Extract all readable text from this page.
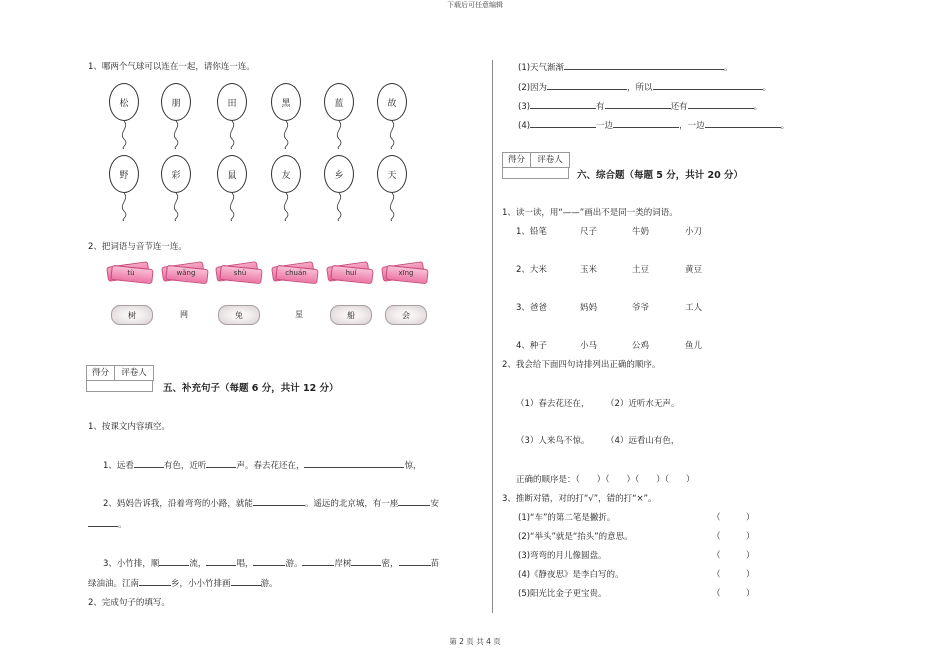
下载后可任意编辑
第 2 页 共 4 页
1、哪两个气球可以连在一起，请你连一连。
松	朋	田	黑	蓝	故
野	彩	鼠	友	乡	天
2、把词语与音节连一连。
tù	wǎng	shù	chuán	huí	xīng
树	网	兔	星	船	会
得分	评卷人
五、补充句子（每题 6 分，共计 12 分）
1、按课文内容填空。
1、远看	有色，近听	声。春去花还在，	惊，
2、妈妈告诉我，沿着弯弯的小路，就能	。遥远的北京城，有一座	安
。
3、小竹排，顺	流，	唱，	游。	岸树	密，	苗
绿油油。江南	乡，小小竹排画	游。
2、完成句子的填写。
(1)天气渐渐	。
(2)因为	，所以	。
(3)	有	还有	。
(4)	一边	，一边	。
得分	评卷人
六、综合题（每题 5 分，共计 20 分）
1、读一读，用“——”画出不是同一类的词语。
1、铅笔	尺子	牛奶	小刀
2、大米	玉米	土豆	黄豆
3、爸爸	妈妈	爷爷	工人
4、种子	小马	公鸡	鱼儿
2、我会给下面四句诗排列出正确的顺序。
（1）春去花还在， （2）近听水无声。
（3）人来鸟不惊。 （4）远看山有色，
正确的顺序是：（　　）（　　）（　　）（　　）
3、推断对错，对的打“√”，错的打“×”。
(1)“车”的第二笔是撇折。	（　　　）
(2)“举头”就是“抬头”的意思。	（　　　）
(3)弯弯的月儿像圆盘。	（　　　）
(4)《静夜思》是李白写的。	（　　　）
(5)阳光比金子更宝贵。	（　　　）
